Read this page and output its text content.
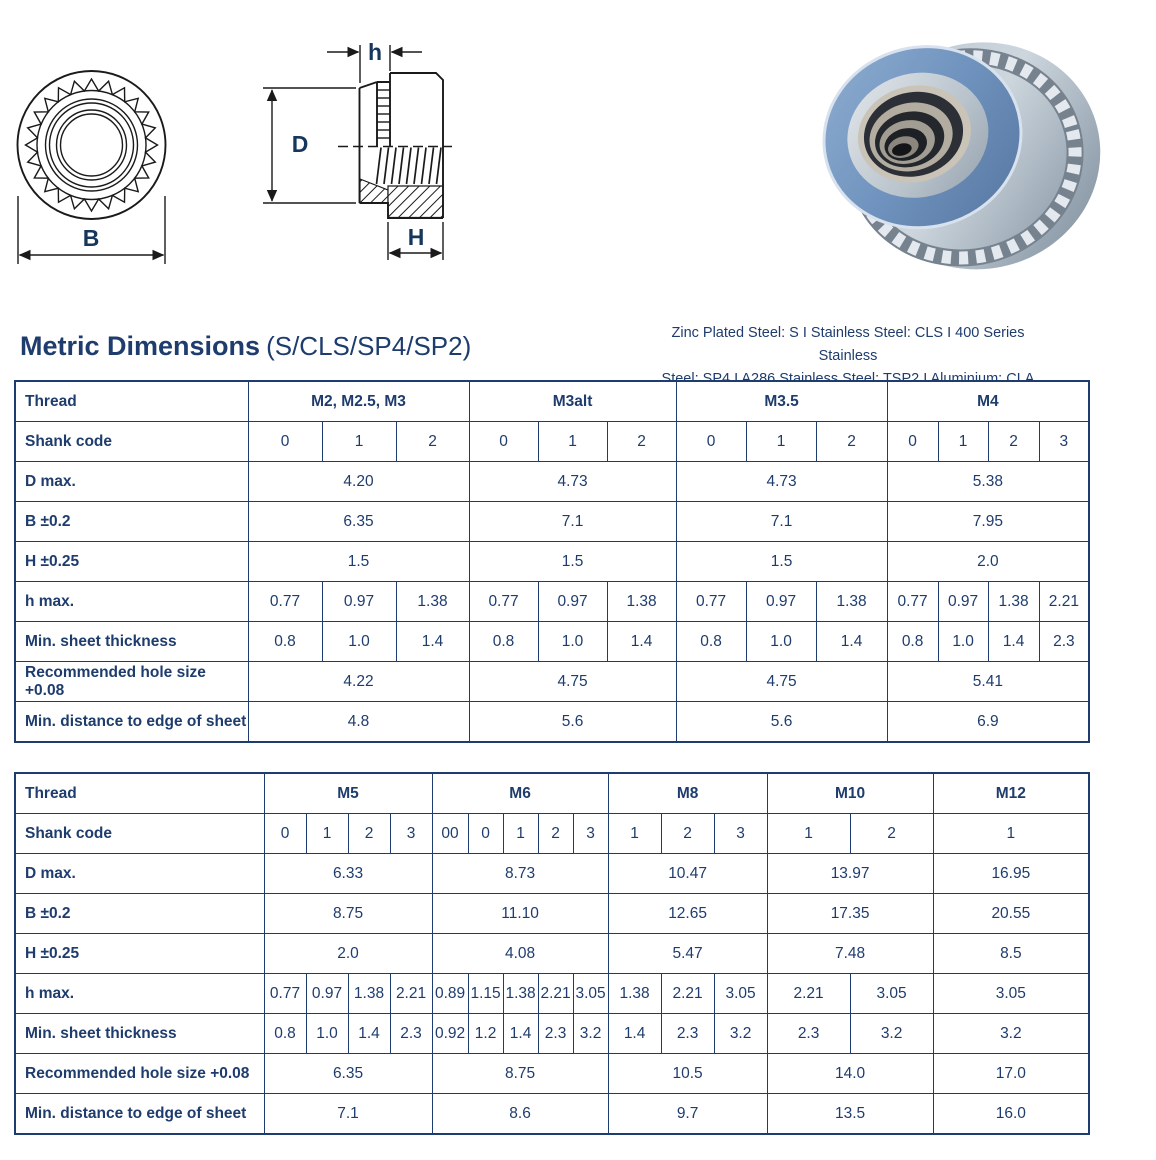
B
h
D
H
Metric Dimensions (S/CLS/SP4/SP2)	Zinc Plated Steel: S I Stainless Steel: CLS I 400 Series Stainless
Thread	M2, M2.5, M3			M3alt			M3.5			M4			
Shank code	0	1	2	0	1	2	0	1	2	0	1	2	3
D max.	4.20			4.73			4.73			5.38			
B ±0.2	6.35			7.1			7.1			7.95			
H ±0.25	1.5			1.5			1.5			2.0			
h max.	0.77	0.97	1.38	0.77	0.97	1.38	0.77	0.97	1.38	0.77	0.97	1.38	2.21
Min. sheet thickness	0.8	1.0	1.4	0.8	1.0	1.4	0.8	1.0	1.4	0.8	1.0	1.4	2.3
Recommended hole size +0.08	4.22			4.75			4.75			5.41			
Min. distance to edge of sheet	4.8			5.6			5.6			6.9			
Thread	M5				M6					M8			M10		M12
Shank code	0	1	2	3	00	0	1	2	3	1	2	3	1	2	1
D max.	6.33				8.73					10.47			13.97		16.95
B ±0.2	8.75				11.10					12.65			17.35		20.55
H ±0.25	2.0				4.08					5.47			7.48		8.5
h max.	0.77	0.97	1.38	2.21	0.89	1.15	1.38	2.21	3.05	1.38	2.21	3.05	2.21	3.05	3.05
Min. sheet thickness	0.8	1.0	1.4	2.3	0.92	1.2	1.4	2.3	3.2	1.4	2.3	3.2	2.3	3.2	3.2
Recommended hole size +0.08	6.35				8.75					10.5			14.0		17.0
Min. distance to edge of sheet	7.1				8.6					9.7			13.5		16.0
